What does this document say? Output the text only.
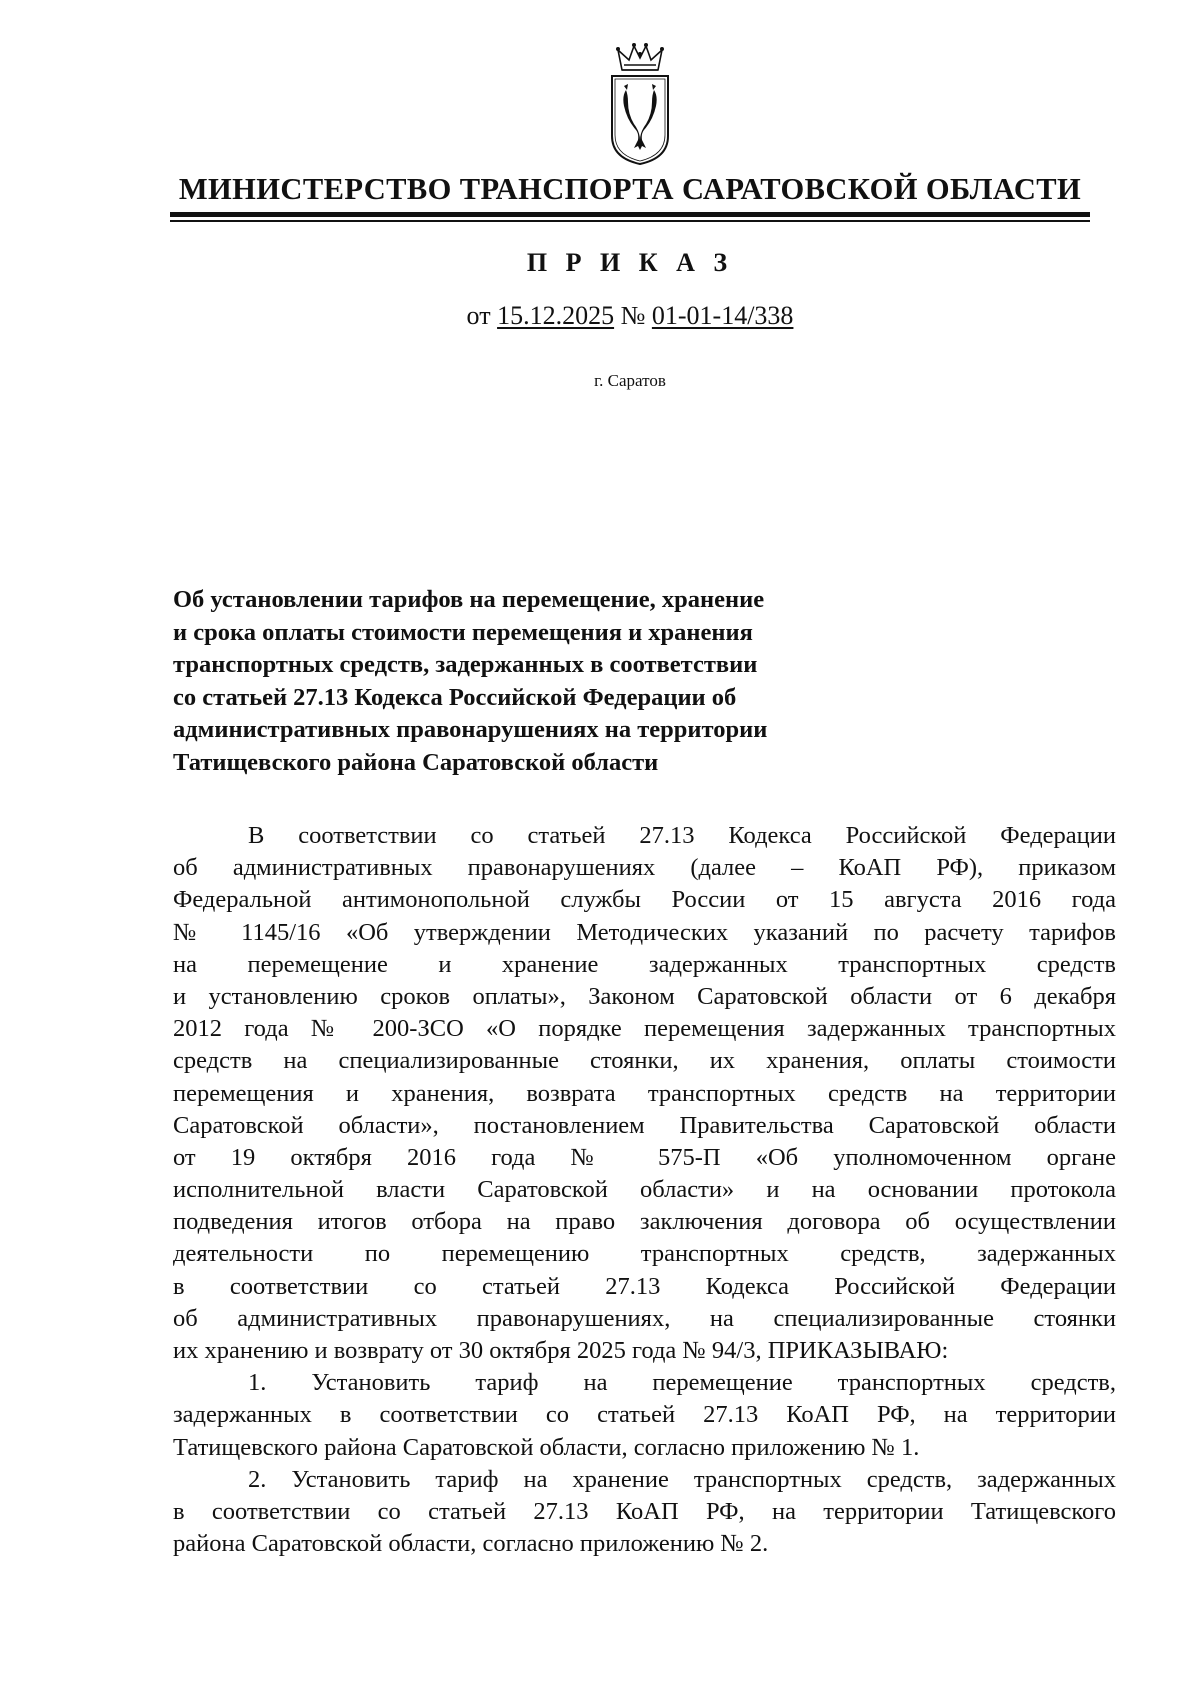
МИНИСТЕРСТВО ТРАНСПОРТА САРАТОВСКОЙ ОБЛАСТИ
П Р И К А З
от 15.12.2025 № 01-01-14/338
г. Саратов
Об установлении тарифов на перемещение, хранение
и срока оплаты стоимости перемещения и хранения
транспортных средств, задержанных в соответствии
со статьей 27.13 Кодекса Российской Федерации об
административных правонарушениях на территории
Татищевского района Саратовской области
В соответствии со статьей 27.13 Кодекса Российской Федерации
об административных правонарушениях (далее – КоАП РФ), приказом
Федеральной антимонопольной службы России от 15 августа 2016 года
№ 1145/16 «Об утверждении Методических указаний по расчету тарифов
на перемещение и хранение задержанных транспортных средств
и установлению сроков оплаты», Законом Саратовской области от 6 декабря
2012 года № 200-ЗСО «О порядке перемещения задержанных транспортных
средств на специализированные стоянки, их хранения, оплаты стоимости
перемещения и хранения, возврата транспортных средств на территории
Саратовской области», постановлением Правительства Саратовской области
от 19 октября 2016 года № 575-П «Об уполномоченном органе
исполнительной власти Саратовской области» и на основании протокола
подведения итогов отбора на право заключения договора об осуществлении
деятельности по перемещению транспортных средств, задержанных
в соответствии со статьей 27.13 Кодекса Российской Федерации
об административных правонарушениях, на специализированные стоянки
их хранению и возврату от 30 октября 2025 года № 94/3, ПРИКАЗЫВАЮ:
1. Установить тариф на перемещение транспортных средств,
задержанных в соответствии со статьей 27.13 КоАП РФ, на территории
Татищевского района Саратовской области, согласно приложению № 1.
2. Установить тариф на хранение транспортных средств, задержанных
в соответствии со статьей 27.13 КоАП РФ, на территории Татищевского
района Саратовской области, согласно приложению № 2.
